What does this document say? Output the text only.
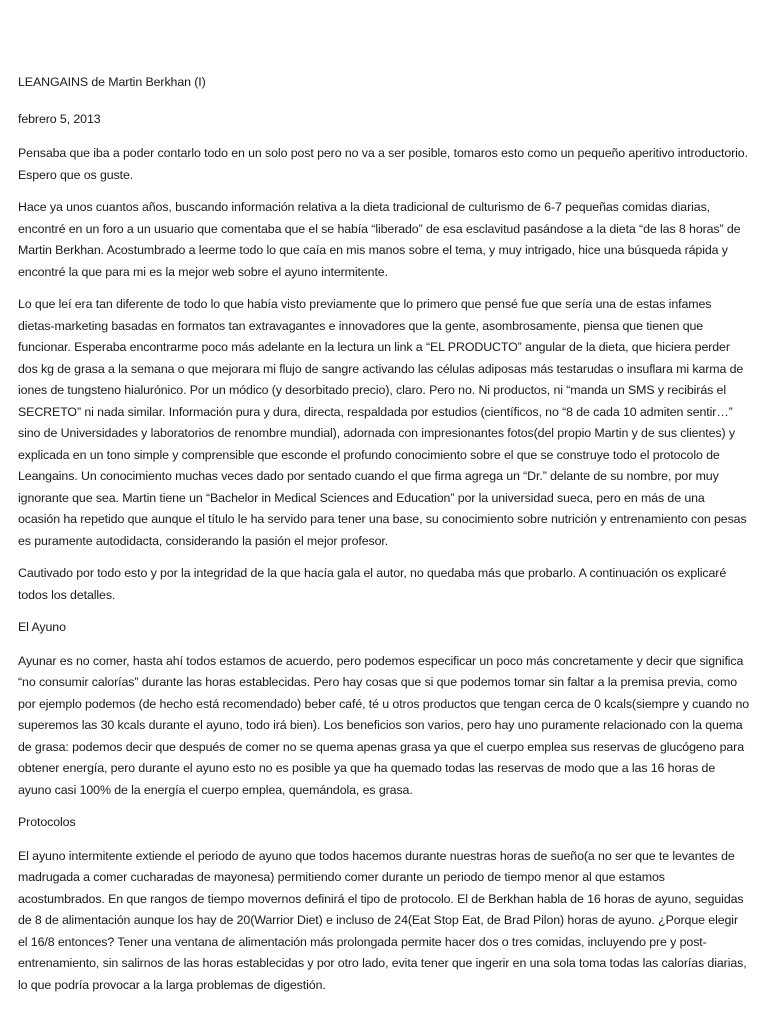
LEANGAINS de Martin Berkhan (I)

febrero 5, 2013

Pensaba que iba a poder contarlo todo en un solo post pero no va a ser posible, tomaros esto como un pequeño aperitivo introductorio. Espero que os guste.

Hace ya unos cuantos años, buscando información relativa a la dieta tradicional de culturismo de 6-7 pequeñas comidas diarias, encontré en un foro a un usuario que comentaba que el se había “liberado” de esa esclavitud pasándose a la dieta “de las 8 horas” de Martin Berkhan. Acostumbrado a leerme todo lo que caía en mis manos sobre el tema, y muy intrigado, hice una búsqueda rápida y encontré la que para mi es la mejor web sobre el ayuno intermitente.

Lo que leí era tan diferente de todo lo que había visto previamente que lo primero que pensé fue que sería una de estas infames dietas-marketing basadas en formatos tan extravagantes e innovadores que la gente, asombrosamente, piensa que tienen que funcionar. Esperaba encontrarme poco más adelante en la lectura un link a “EL PRODUCTO” angular de la dieta, que hiciera perder dos kg de grasa a la semana o que mejorara mi flujo de sangre activando las células adiposas más testarudas o insuflara mi karma de iones de tungsteno hialurónico. Por un módico (y desorbitado precio), claro. Pero no. Ni productos, ni “manda un SMS y recibirás el SECRETO” ni nada similar. Información pura y dura, directa, respaldada por estudios (científicos, no “8 de cada 10 admiten sentir…” sino de Universidades y laboratorios de renombre mundial), adornada con impresionantes fotos(del propio Martin y de sus clientes) y explicada en un tono simple y comprensible que esconde el profundo conocimiento sobre el que se construye todo el protocolo de Leangains. Un conocimiento muchas veces dado por sentado cuando el que firma agrega un “Dr.” delante de su nombre, por muy ignorante que sea. Martin tiene un “Bachelor in Medical Sciences and Education” por la universidad sueca, pero en más de una ocasión ha repetido que aunque el título le ha servido para tener una base, su conocimiento sobre nutrición y entrenamiento con pesas es puramente autodidacta, considerando la pasión el mejor profesor.

Cautivado por todo esto y por la integridad de la que hacía gala el autor, no quedaba más que probarlo. A continuación os explicaré todos los detalles.

El Ayuno

Ayunar es no comer, hasta ahí todos estamos de acuerdo, pero podemos especificar un poco más concretamente y decir que significa “no consumir calorías” durante las horas establecidas. Pero hay cosas que si que podemos tomar sin faltar a la premisa previa, como por ejemplo podemos (de hecho está recomendado) beber café, té u otros productos que tengan cerca de 0 kcals(siempre y cuando no superemos las 30 kcals durante el ayuno, todo irá bien). Los beneficios son varios, pero hay uno puramente relacionado con la quema de grasa: podemos decir que después de comer no se quema apenas grasa ya que el cuerpo emplea sus reservas de glucógeno para obtener energía, pero durante el ayuno esto no es posible ya que ha quemado todas las reservas de modo que a las 16 horas de ayuno casi 100% de la energía el cuerpo emplea, quemándola, es grasa.

Protocolos

El ayuno intermitente extiende el periodo de ayuno que todos hacemos durante nuestras horas de sueño(a no ser que te levantes de madrugada a comer cucharadas de mayonesa) permitiendo comer durante un periodo de tiempo menor al que estamos acostumbrados. En que rangos de tiempo movernos definirá el tipo de protocolo. El de Berkhan habla de 16 horas de ayuno, seguidas de 8 de alimentación aunque los hay de 20(Warrior Diet) e incluso de 24(Eat Stop Eat, de Brad Pilon) horas de ayuno. ¿Porque elegir el 16/8 entonces? Tener una ventana de alimentación más prolongada permite hacer dos o tres comidas, incluyendo pre y post-entrenamiento, sin salirnos de las horas establecidas y por otro lado, evita tener que ingerir en una sola toma todas las calorías diarias, lo que podría provocar a la larga problemas de digestión.
